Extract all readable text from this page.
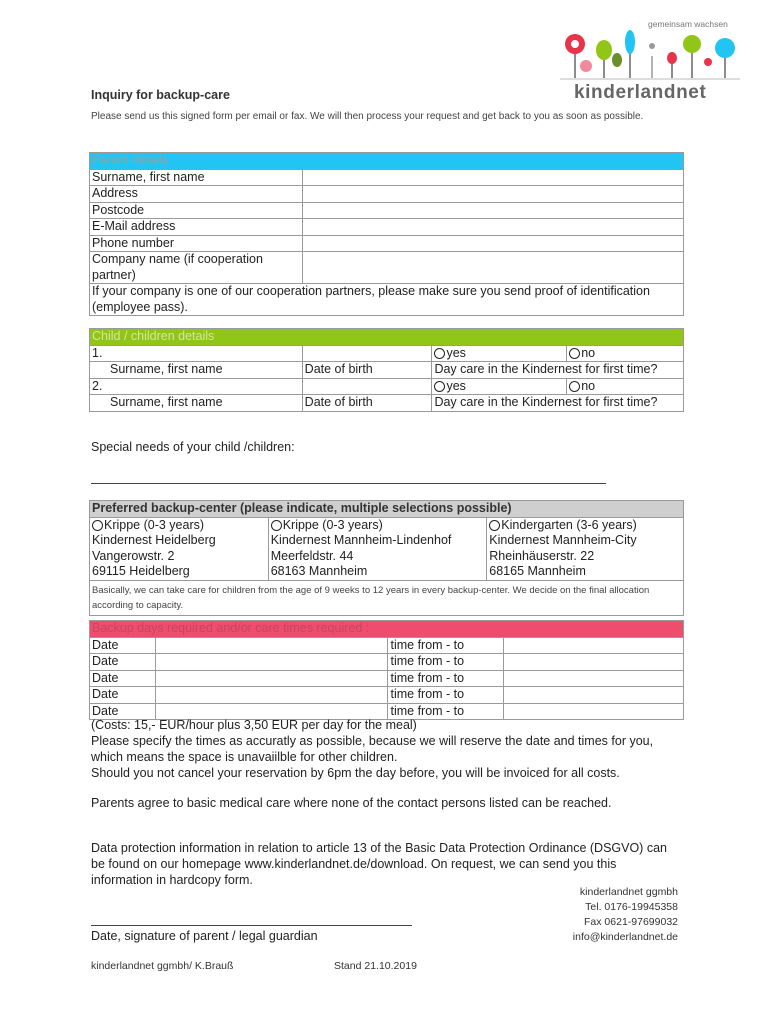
gemeinsam wachsen
kinderlandnet
Inquiry for backup-care
Please send us this signed form per email or fax. We will then process your request and get back to you as soon as possible.
Parent details	
Surname, first name	
Address	
Postcode	
E-Mail address	
Phone number	
Company name (if cooperation partner)	
If your company is one of our cooperation partners, please make sure you send proof of identification (employee pass).	
Child / children details			
1.		yes	no
Surname, first name	Date of birth	Day care in the Kindernest for first time?	
2.		yes	no
Surname, first name	Date of birth	Day care in the Kindernest for first time?	
Special needs of your child /children:
Preferred backup-center (please indicate, multiple selections possible)

Krippe (0-3 years)
Kindernest Heidelberg
Vangerowstr. 2
69115 Heidelberg

Krippe (0-3 years)
Kindernest Mannheim-Lindenhof
Meerfeldstr. 44
68163 Mannheim

Kindergarten (3-6 years)
Kindernest Mannheim-City
Rheinhäuserstr. 22
68165 Mannheim

Basically, we can take care for children from the age of 9 weeks to 12 years in every backup-center. We decide on the final allocation according to capacity.
Backup days required and/or care times required :			
Date		time from - to	
Date		time from - to	
Date		time from - to	
Date		time from - to	
Date		time from - to	
(Costs: 15,- EUR/hour plus 3,50 EUR per day for the meal)
Please specify the times as accuratly as possible, because we will reserve the date and times for you, which means the space is unavaiilble for other children.
Should you not cancel your reservation by 6pm the day before, you will be invoiced for all costs.
Parents agree to basic medical care where none of the contact persons listed can be reached.
Data protection information in relation to article 13 of the Basic Data Protection Ordinance (DSGVO) can be found on our homepage www.kinderlandnet.de/download. On request, we can send you this information in hardcopy form.
Date, signature of parent / legal guardian
kinderlandnet ggmbh
Tel. 0176-19945358
Fax 0621-97699032
info@kinderlandnet.de
kinderlandnet ggmbh/ K.Brauß	Stand 21.10.2019
